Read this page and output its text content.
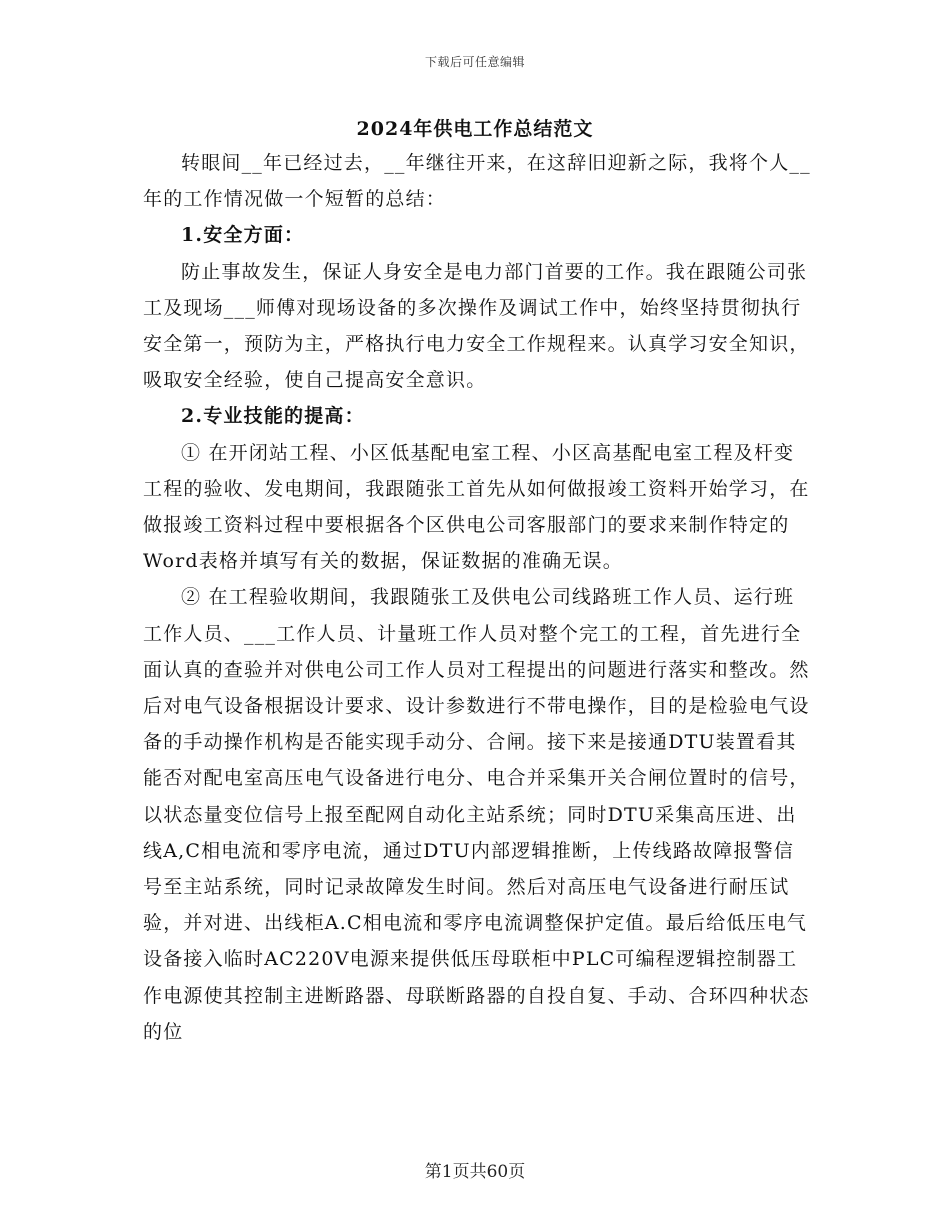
下载后可任意编辑
2024年供电工作总结范文

转眼间__年已经过去，__年继往开来，在这辞旧迎新之际，我将个人__年的工作情况做一个短暂的总结：

1.安全方面：

防止事故发生，保证人身安全是电力部门首要的工作。我在跟随公司张工及现场___师傅对现场设备的多次操作及调试工作中，始终坚持贯彻执行安全第一，预防为主，严格执行电力安全工作规程来。认真学习安全知识，吸取安全经验，使自己提高安全意识。

2.专业技能的提高：

① 在开闭站工程、小区低基配电室工程、小区高基配电室工程及杆变工程的验收、发电期间，我跟随张工首先从如何做报竣工资料开始学习，在做报竣工资料过程中要根据各个区供电公司客服部门的要求来制作特定的Word表格并填写有关的数据，保证数据的准确无误。

② 在工程验收期间，我跟随张工及供电公司线路班工作人员、运行班工作人员、___工作人员、计量班工作人员对整个完工的工程，首先进行全面认真的查验并对供电公司工作人员对工程提出的问题进行落实和整改。然后对电气设备根据设计要求、设计参数进行不带电操作，目的是检验电气设备的手动操作机构是否能实现手动分、合闸。接下来是接通DTU装置看其能否对配电室高压电气设备进行电分、电合并采集开关合闸位置时的信号，以状态量变位信号上报至配网自动化主站系统；同时DTU采集高压进、出线A,C相电流和零序电流，通过DTU内部逻辑推断，上传线路故障报警信号至主站系统，同时记录故障发生时间。然后对高压电气设备进行耐压试验，并对进、出线柜A.C相电流和零序电流调整保护定值。最后给低压电气设备接入临时AC220V电源来提供低压母联柜中PLC可编程逻辑控制器工作电源使其控制主进断路器、母联断路器的自投自复、手动、合环四种状态的位

第1页共60页
